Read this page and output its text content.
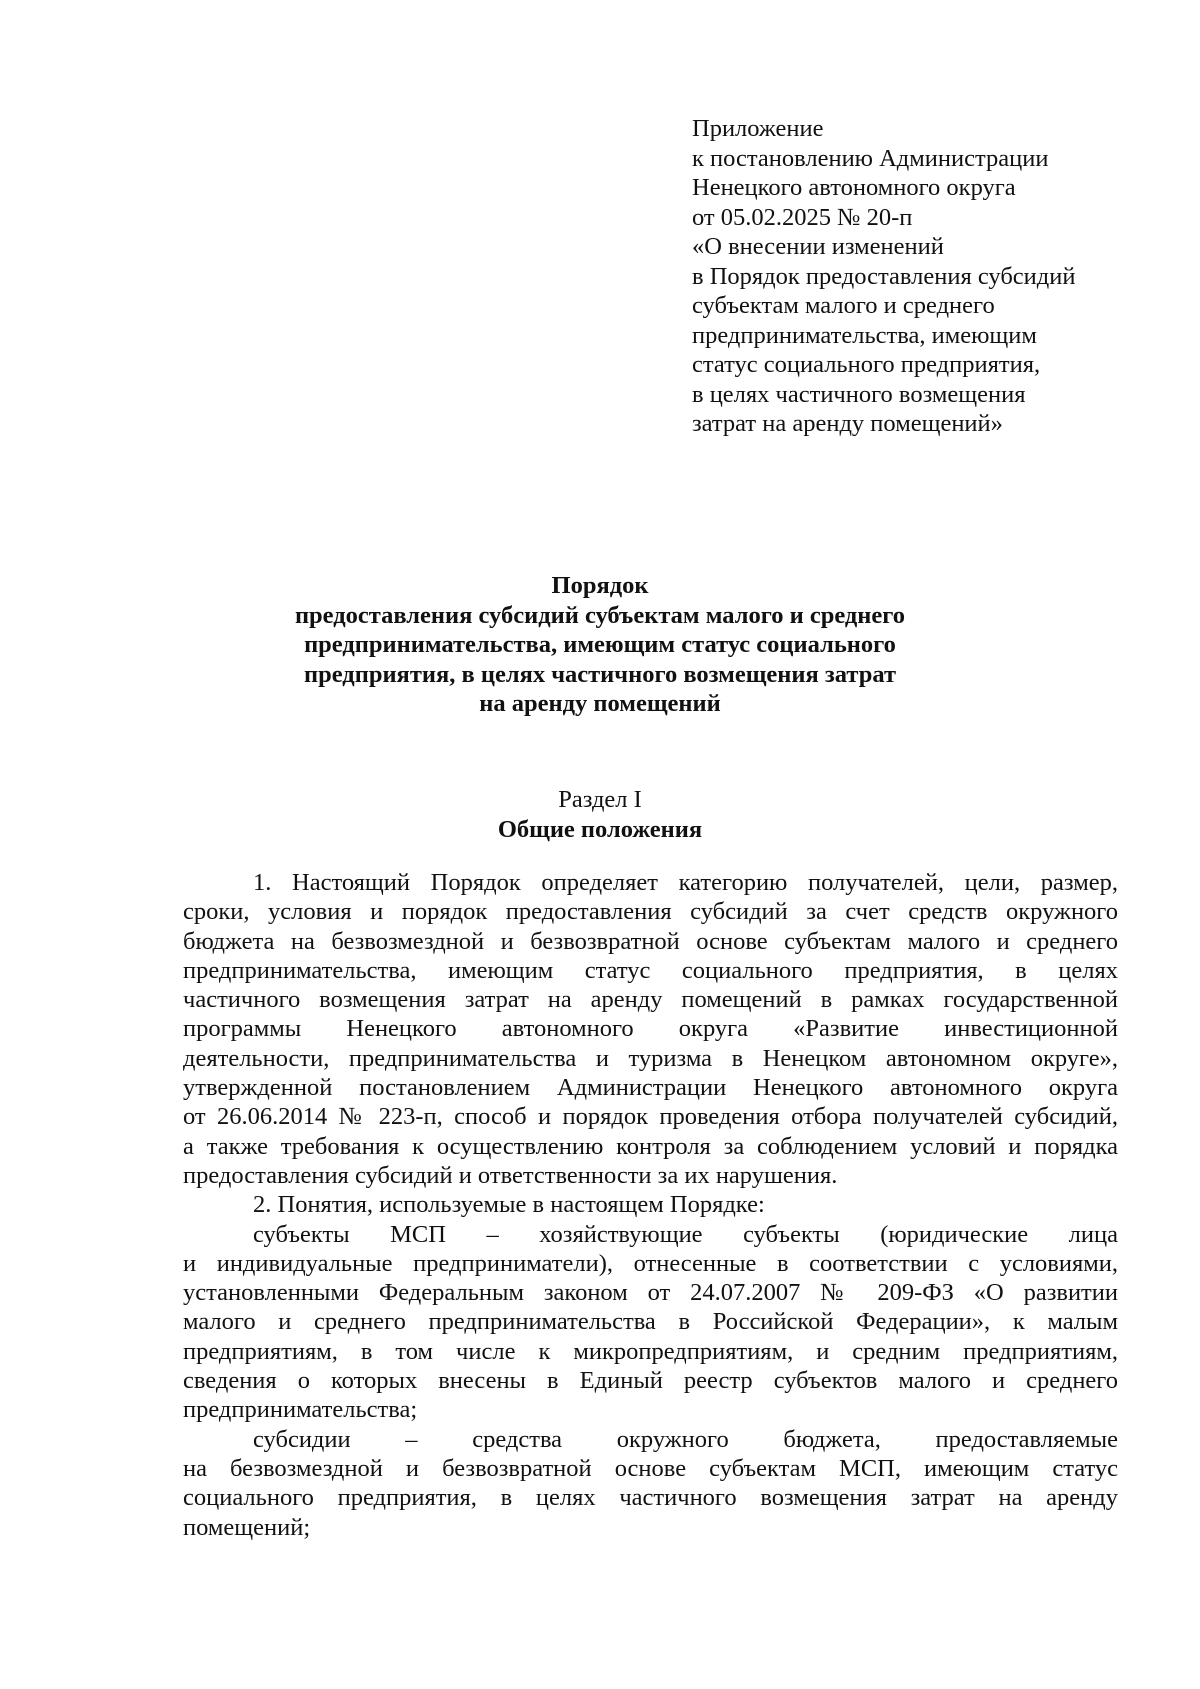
Приложение
к постановлению Администрации
Ненецкого автономного округа
от 05.02.2025 № 20-п
«О внесении изменений
в Порядок предоставления субсидий
субъектам малого и среднего
предпринимательства, имеющим
статус социального предприятия,
в целях частичного возмещения
затрат на аренду помещений»
Порядок
предоставления субсидий субъектам малого и среднего
предпринимательства, имеющим статус социального
предприятия, в целях частичного возмещения затрат
на аренду помещений
Раздел I
Общие положения
1. Настоящий Порядок определяет категорию получателей, цели, размер,
сроки, условия и порядок предоставления субсидий за счет средств окружного
бюджета на безвозмездной и безвозвратной основе субъектам малого и среднего
предпринимательства, имеющим статус социального предприятия, в целях
частичного возмещения затрат на аренду помещений в рамках государственной
программы Ненецкого автономного округа «Развитие инвестиционной
деятельности, предпринимательства и туризма в Ненецком автономном округе»,
утвержденной постановлением Администрации Ненецкого автономного округа
от 26.06.2014 № 223-п, способ и порядок проведения отбора получателей субсидий,
а также требования к осуществлению контроля за соблюдением условий и порядка
предоставления субсидий и ответственности за их нарушения.
2. Понятия, используемые в настоящем Порядке:
субъекты МСП – хозяйствующие субъекты (юридические лица
и индивидуальные предприниматели), отнесенные в соответствии с условиями,
установленными Федеральным законом от 24.07.2007 № 209-ФЗ «О развитии
малого и среднего предпринимательства в Российской Федерации», к малым
предприятиям, в том числе к микропредприятиям, и средним предприятиям,
сведения о которых внесены в Единый реестр субъектов малого и среднего
предпринимательства;
субсидии – средства окружного бюджета, предоставляемые
на безвозмездной и безвозвратной основе субъектам МСП, имеющим статус
социального предприятия, в целях частичного возмещения затрат на аренду
помещений;
